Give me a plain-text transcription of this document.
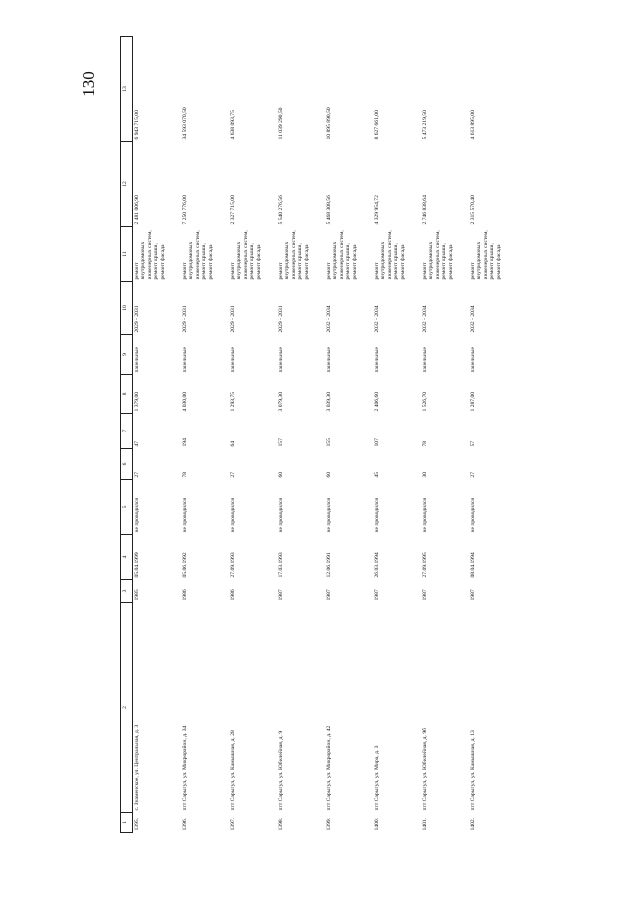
130
1	2	3	4	5	6	7	8	9	10	11	12	13
1395.	с. Знаменское, ул. Центральная, д. 3	1985	05.04.1999	не проводился	27	47	1 379,00	панельные	2029 - 2031	ремонт внутридомовых инженерных систем, ремонт крыши, ремонт фасада	2 481 006,90	6 943 715,00
1396.	пгт Сарыгул, ул. Микрорайон, д. 34	1986	05.06.1992	не проводился	78	194	4 030,00	панельные	2029 - 2031	ремонт внутридомовых инженерных систем, ремонт крыши, ремонт фасада	7 250 776,00	34 593 070,50
1397.	пгт Сарыгул, ул. Камышная, д. 28	1986	27.09.1993	не проводился	27	64	1 293,75	панельные	2029 - 2031	ремонт внутридомовых инженерных систем, ремонт крыши, ремонт фасада	2 327 715,00	4 638 093,75
1398.	пгт Сарыгул, ул. Юбилейная, д. 9	1987	17.03.1993	не проводился	60	157	3 079,30	панельные	2029 - 2031	ремонт внутридомовых инженерных систем, ремонт крыши, ремонт фасада	5 540 276,56	11 039 290,50
1399.	пгт Сарыгул, ул. Микрорайон, д. 42	1987	12.06.1991	не проводился	60	155	3 039,30	панельные	2032 - 2034	ремонт внутридомовых инженерных систем, ремонт крыши, ремонт фасада	5 468 308,56	10 895 890,50
1400.	пгт Сарыгул, ул. Мира, д. 3	1987	26.03.1994	не проводился	45	107	2 406,60	панельные	2032 - 2034	ремонт внутридомовых инженерных систем, ремонт крыши, ремонт фасада	4 329 954,72	8 627 661,00
1401.	пгт Сарыгул, ул. Юбилейная, д. 9б	1987	27.09.1995	не проводился	30	78	1 526,70	панельные	2032 - 2034	ремонт внутридомовых инженерных систем, ремонт крыши, ремонт фасада	2 746 838,64	5 473 219,50
1402.	пгт Сарыгул, ул. Камышная, д. 13	1987	08.04.1994	не проводился	27	57	1 287,00	панельные	2032 - 2034	ремонт внутридомовых инженерных систем, ремонт крыши, ремонт фасада	2 315 570,40	4 613 895,00
